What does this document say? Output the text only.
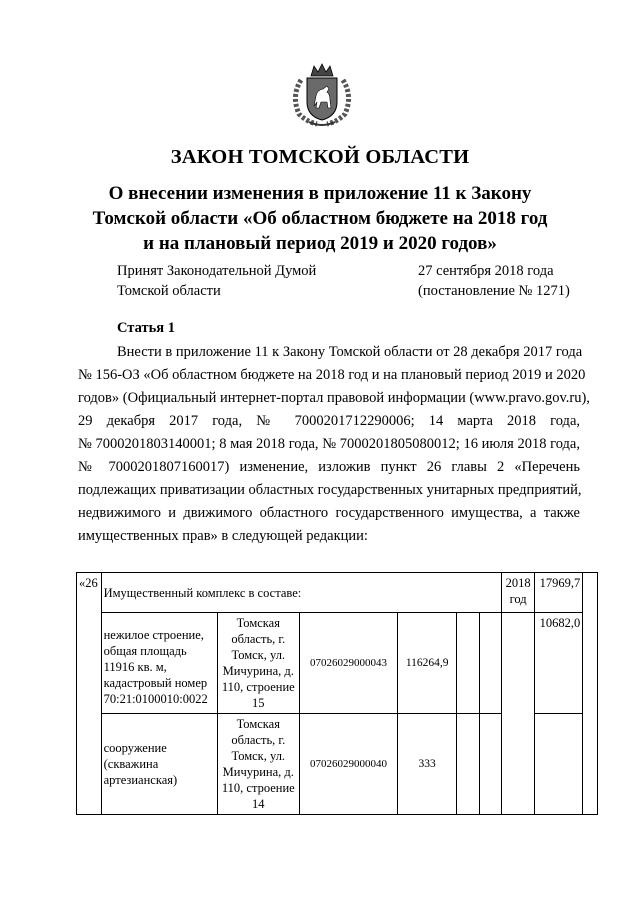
ЗАКОН ТОМСКОЙ ОБЛАСТИ
О внесении изменения в приложение 11 к Закону
Томской области «Об областном бюджете на 2018 год
и на плановый период 2019 и 2020 годов»
Принят Законодательной Думой
Томской области
27 сентября 2018 года
(постановление № 1271)
Статья 1
Внести в приложение 11 к Закону Томской области от 28 декабря 2017 года
№ 156-ОЗ «Об областном бюджете на 2018 год и на плановый период 2019 и 2020
годов» (Официальный интернет-портал правовой информации (www.pravo.gov.ru),
29 декабря 2017 года, № 7000201712290006; 14 марта 2018 года,
№ 7000201803140001; 8 мая 2018 года, № 7000201805080012; 16 июля 2018 года,
№ 7000201807160017) изменение, изложив пункт 26 главы 2 «Перечень
подлежащих приватизации областных государственных унитарных предприятий,
недвижимого и движимого областного государственного имущества, а также
имущественных прав» в следующей редакции:
«26	Имущественный комплекс в составе:						2018 год	17969,7	
	нежилое строение, общая площадь 11916 кв. м, кадастровый номер 70:21:0100010:0022	Томская область, г. Томск, ул. Мичурина, д. 110, строение 15	07026029000043	116264,9				10682,0	
	сооружение (скважина артезианская)	Томская область, г. Томск, ул. Мичурина, д. 110, строение 14	07026029000040	333					
